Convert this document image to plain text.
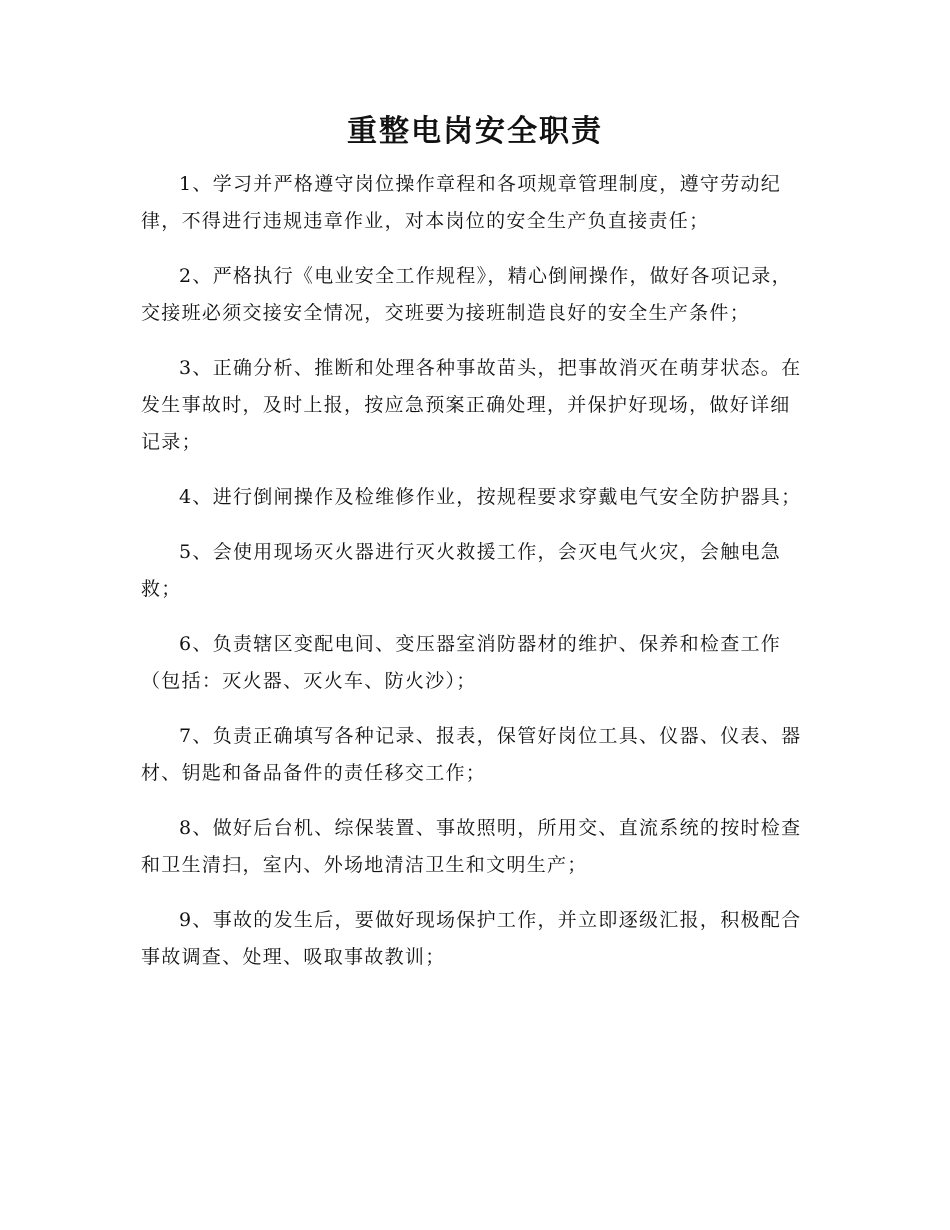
重整电岗安全职责

1、学习并严格遵守岗位操作章程和各项规章管理制度，遵守劳动纪律，不得进行违规违章作业，对本岗位的安全生产负直接责任；

2、严格执行《电业安全工作规程》，精心倒闸操作，做好各项记录，交接班必须交接安全情况，交班要为接班制造良好的安全生产条件；

3、正确分析、推断和处理各种事故苗头，把事故消灭在萌芽状态。在发生事故时，及时上报，按应急预案正确处理，并保护好现场，做好详细记录；

4、进行倒闸操作及检维修作业，按规程要求穿戴电气安全防护器具；

5、会使用现场灭火器进行灭火救援工作，会灭电气火灾，会触电急救；

6、负责辖区变配电间、变压器室消防器材的维护、保养和检查工作（包括：灭火器、灭火车、防火沙）；

7、负责正确填写各种记录、报表，保管好岗位工具、仪器、仪表、器材、钥匙和备品备件的责任移交工作；

8、做好后台机、综保装置、事故照明，所用交、直流系统的按时检查和卫生清扫，室内、外场地清洁卫生和文明生产；

9、事故的发生后，要做好现场保护工作，并立即逐级汇报，积极配合事故调查、处理、吸取事故教训；
